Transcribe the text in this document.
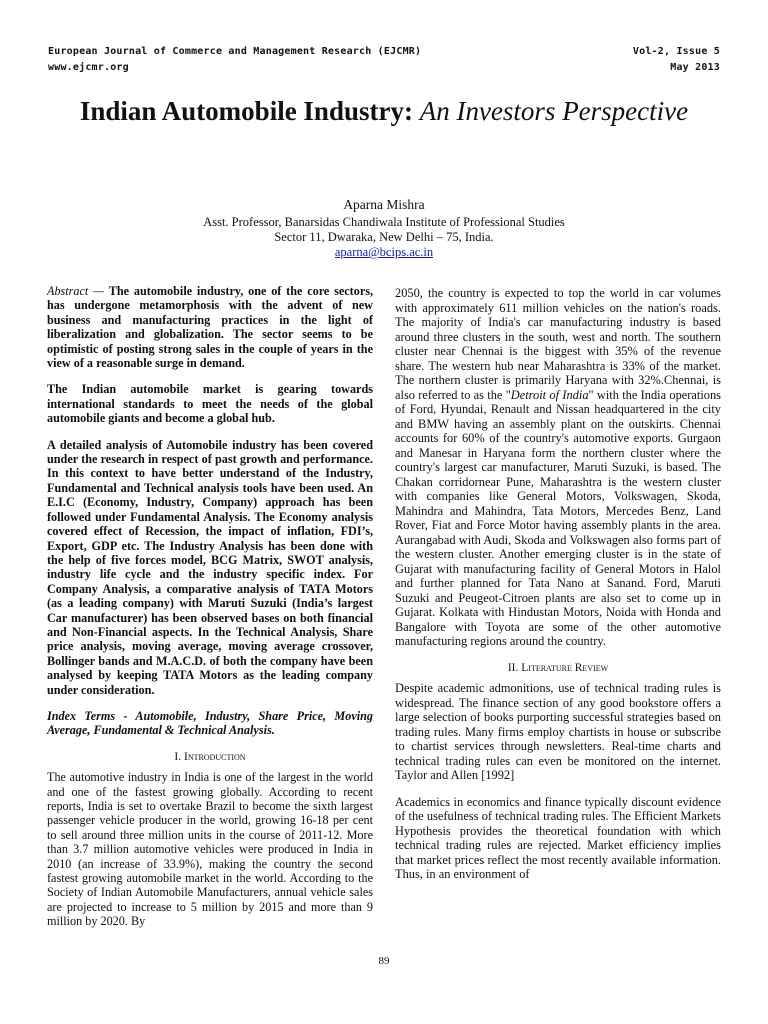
European Journal of Commerce and Management Research (EJCMR)	Vol-2, Issue 5
www.ejcmr.org	May 2013
Indian Automobile Industry: An Investors Perspective
Aparna Mishra
Asst. Professor, Banarsidas Chandiwala Institute of Professional Studies
Sector 11, Dwaraka, New Delhi – 75, India.
aparna@bcips.ac.in

Abstract — The automobile industry, one of the core sectors, has undergone metamorphosis with the advent of new business and manufacturing practices in the light of liberalization and globalization. The sector seems to be optimistic of posting strong sales in the couple of years in the view of a reasonable surge in demand.

The Indian automobile market is gearing towards international standards to meet the needs of the global automobile giants and become a global hub.

A detailed analysis of Automobile industry has been covered under the research in respect of past growth and performance. In this context to have better understand of the Industry, Fundamental and Technical analysis tools have been used. An E.I.C (Economy, Industry, Company) approach has been followed under Fundamental Analysis. The Economy analysis covered effect of Recession, the impact of inflation, FDI’s, Export, GDP etc. The Industry Analysis has been done with the help of five forces model, BCG Matrix, SWOT analysis, industry life cycle and the industry specific index. For Company Analysis, a comparative analysis of TATA Motors (as a leading company) with Maruti Suzuki (India’s largest Car manufacturer) has been observed bases on both financial and Non-Financial aspects. In the Technical Analysis, Share price analysis, moving average, moving average crossover, Bollinger bands and M.A.C.D. of both the company have been analysed by keeping TATA Motors as the leading company under consideration.

Index Terms - Automobile, Industry, Share Price, Moving Average, Fundamental & Technical Analysis.

I. Introduction

The automotive industry in India is one of the largest in the world and one of the fastest growing globally. According to recent reports, India is set to overtake Brazil to become the sixth largest passenger vehicle producer in the world, growing 16-18 per cent to sell around three million units in the course of 2011-12. More than 3.7 million automotive vehicles were produced in India in 2010 (an increase of 33.9%), making the country the second fastest growing automobile market in the world. According to the Society of Indian Automobile Manufacturers, annual vehicle sales are projected to increase to 5 million by 2015 and more than 9 million by 2020. By

2050, the country is expected to top the world in car volumes with approximately 611 million vehicles on the nation's roads. The majority of India's car manufacturing industry is based around three clusters in the south, west and north. The southern cluster near Chennai is the biggest with 35% of the revenue share. The western hub near Maharashtra is 33% of the market. The northern cluster is primarily Haryana with 32%.Chennai, is also referred to as the "Detroit of India" with the India operations of Ford, Hyundai, Renault and Nissan headquartered in the city and BMW having an assembly plant on the outskirts. Chennai accounts for 60% of the country's automotive exports. Gurgaon and Manesar in Haryana form the northern cluster where the country's largest car manufacturer, Maruti Suzuki, is based. The Chakan corridornear Pune, Maharashtra is the western cluster with companies like General Motors, Volkswagen, Skoda, Mahindra and Mahindra, Tata Motors, Mercedes Benz, Land Rover, Fiat and Force Motor having assembly plants in the area. Aurangabad with Audi, Skoda and Volkswagen also forms part of the western cluster. Another emerging cluster is in the state of Gujarat with manufacturing facility of General Motors in Halol and further planned for Tata Nano at Sanand. Ford, Maruti Suzuki and Peugeot-Citroen plants are also set to come up in Gujarat. Kolkata with Hindustan Motors, Noida with Honda and Bangalore with Toyota are some of the other automotive manufacturing regions around the country.

II. Literature Review

Despite academic admonitions, use of technical trading rules is widespread. The finance section of any good bookstore offers a large selection of books purporting successful strategies based on trading rules. Many firms employ chartists in house or subscribe to chartist services through newsletters. Real-time charts and technical trading rules can even be monitored on the internet. Taylor and Allen [1992]

Academics in economics and finance typically discount evidence of the usefulness of technical trading rules. The Efficient Markets Hypothesis provides the theoretical foundation with which technical trading rules are rejected. Market efficiency implies that market prices reflect the most recently available information. Thus, in an environment of

89
